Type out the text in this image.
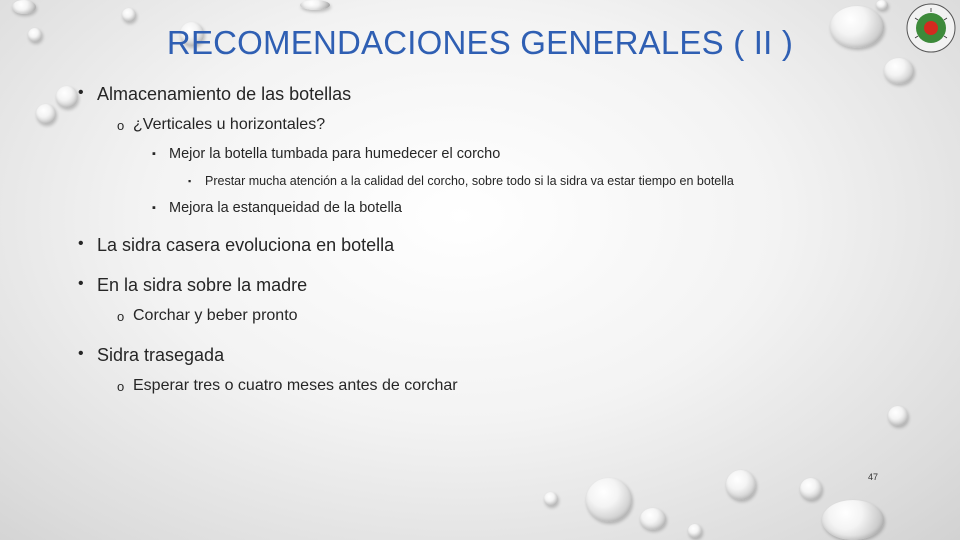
RECOMENDACIONES GENERALES ( II )
• Almacenamiento de las botellas
o ¿Verticales u horizontales?
▪ Mejor la botella tumbada para humedecer el corcho
▪ Prestar mucha atención a la calidad del corcho, sobre todo si la sidra va estar tiempo en botella
▪ Mejora la estanqueidad de la botella
• La sidra casera evoluciona en botella
• En la sidra sobre la madre
o Corchar y beber pronto
• Sidra trasegada
o Esperar tres o cuatro meses antes de corchar
47
